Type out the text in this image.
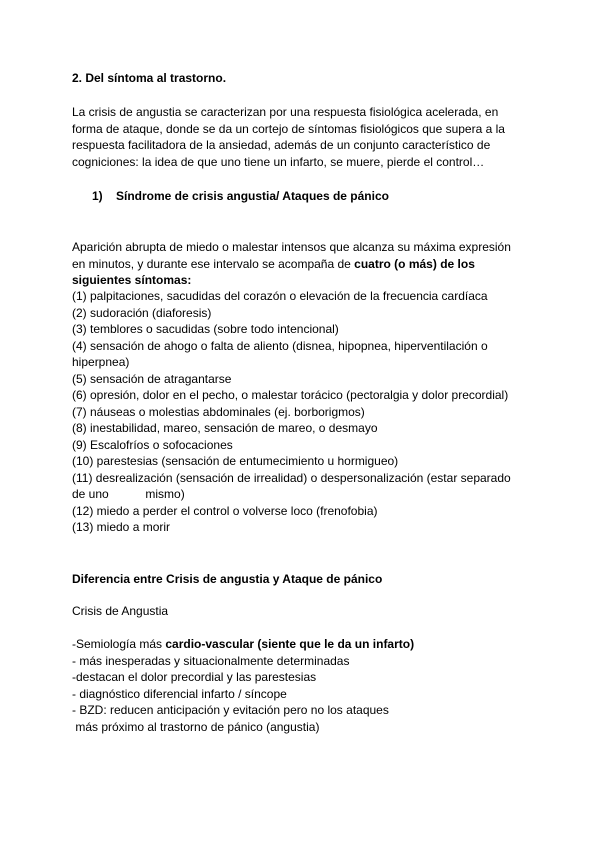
2. Del síntoma al trastorno.
La crisis de angustia se caracterizan por una respuesta fisiológica acelerada, en
forma de ataque, donde se da un cortejo de síntomas fisiológicos que supera a la
respuesta facilitadora de la ansiedad, además de un conjunto característico de
cogniciones: la idea de que uno tiene un infarto, se muere, pierde el control…
1) Síndrome de crisis angustia/ Ataques de pánico
Aparición abrupta de miedo o malestar intensos que alcanza su máxima expresión
en minutos, y durante ese intervalo se acompaña de cuatro (o más) de los
siguientes síntomas:
(1) palpitaciones, sacudidas del corazón o elevación de la frecuencia cardíaca
(2) sudoración (diaforesis)
(3) temblores o sacudidas (sobre todo intencional)
(4) sensación de ahogo o falta de aliento (disnea, hipopnea, hiperventilación o
hiperpnea)
(5) sensación de atragantarse
(6) opresión, dolor en el pecho, o malestar torácico (pectoralgia y dolor precordial)
(7) náuseas o molestias abdominales (ej. borborigmos)
(8) inestabilidad, mareo, sensación de mareo, o desmayo
(9) Escalofríos o sofocaciones
(10) parestesias (sensación de entumecimiento u hormigueo)
(11) desrealización (sensación de irrealidad) o despersonalización (estar separado
de uno           mismo)
(12) miedo a perder el control o volverse loco (frenofobia)
(13) miedo a morir
Diferencia entre Crisis de angustia y Ataque de pánico
Crisis de Angustia
-Semiología más cardio-vascular (siente que le da un infarto)
- más inesperadas y situacionalmente determinadas
-destacan el dolor precordial y las parestesias
- diagnóstico diferencial infarto / síncope
- BZD: reducen anticipación y evitación pero no los ataques
más próximo al trastorno de pánico (angustia)
